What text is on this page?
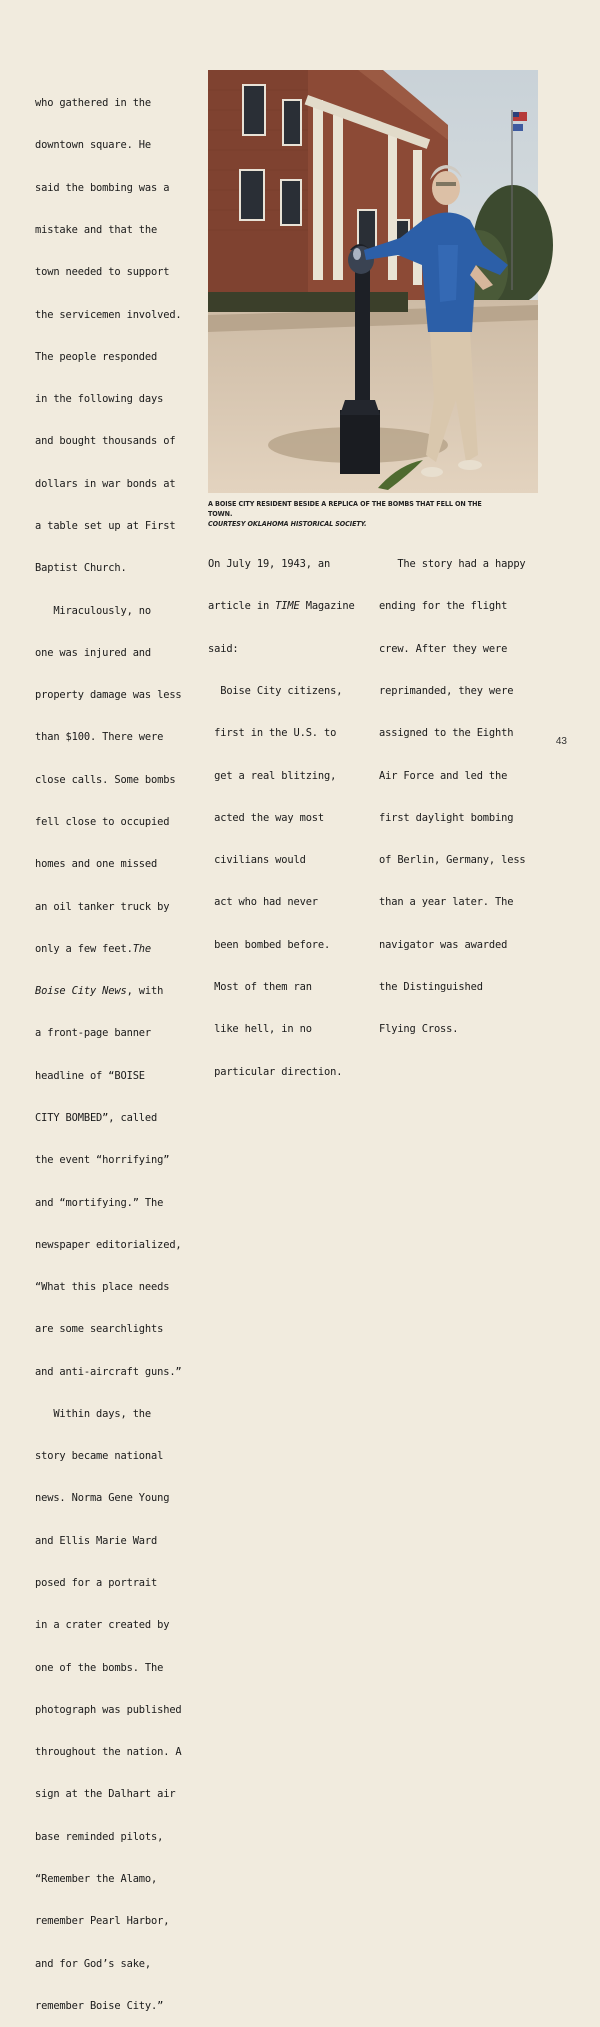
who gathered in the

downtown square. He

said the bombing was a

mistake and that the

town needed to support

the servicemen involved.

The people responded

in the following days

and bought thousands of

dollars in war bonds at

a table set up at First

Baptist Church.

Miraculously, no

one was injured and

property damage was less

than $100. There were

close calls. Some bombs

fell close to occupied

homes and one missed

an oil tanker truck by

only a few feet.The

Boise City News, with

a front-page banner

headline of “BOISE

CITY BOMBED”, called

the event “horrifying”

and “mortifying.” The

newspaper editorialized,

“What this place needs

are some searchlights

and anti-aircraft guns.”

Within days, the

story became national

news. Norma Gene Young

and Ellis Marie Ward

posed for a portrait

in a crater created by

one of the bombs. The

photograph was published

throughout the nation. A

sign at the Dalhart air

base reminded pilots,

“Remember the Alamo,

remember Pearl Harbor,

and for God’s sake,

remember Boise City.”

A BOISE CITY RESIDENT BESIDE A REPLICA OF THE BOMBS THAT FELL ON THE TOWN.
COURTESY OKLAHOMA HISTORICAL SOCIETY.

On July 19, 1943, an

article in TIME Magazine

said:

Boise City citizens,

first in the U.S. to

get a real blitzing,

acted the way most

civilians would

act who had never

been bombed before.

Most of them ran

like hell, in no

particular direction.

The story had a happy

ending for the flight

crew. After they were

reprimanded, they were

assigned to the Eighth

Air Force and led the

first daylight bombing

of Berlin, Germany, less

than a year later. The

navigator was awarded

the Distinguished

Flying Cross.

43
